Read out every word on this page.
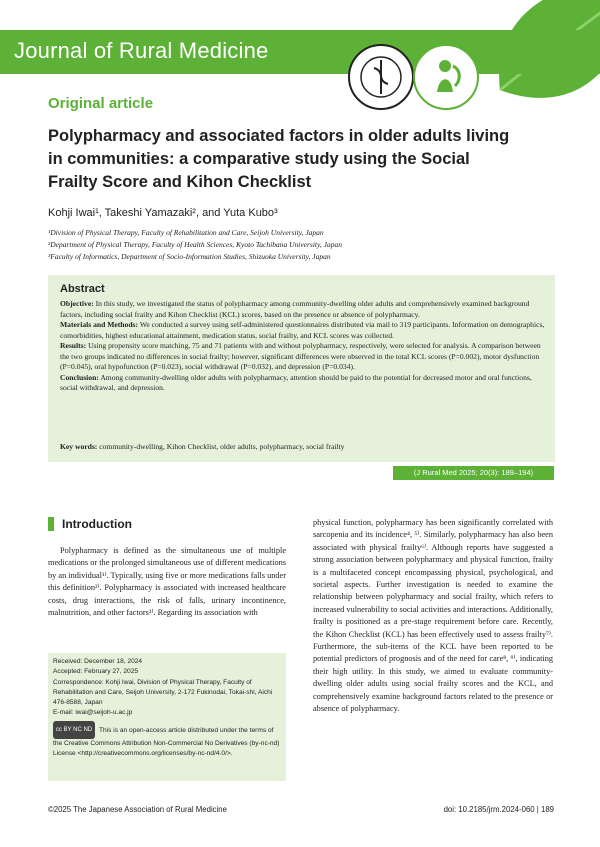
Journal of Rural Medicine
Original article
Polypharmacy and associated factors in older adults living in communities: a comparative study using the Social Frailty Score and Kihon Checklist
Kohji Iwai¹, Takeshi Yamazaki², and Yuta Kubo³
¹Division of Physical Therapy, Faculty of Rehabilitation and Care, Seijoh University, Japan
²Department of Physical Therapy, Faculty of Health Sciences, Kyoto Tachibana University, Japan
³Faculty of Informatics, Department of Socio-Information Studies, Shizuoka University, Japan
Abstract

Objective: In this study, we investigated the status of polypharmacy among community-dwelling older adults and comprehensively examined background factors, including social frailty and Kihon Checklist (KCL) scores, based on the presence or absence of polypharmacy.

Materials and Methods: We conducted a survey using self-administered questionnaires distributed via mail to 319 participants. Information on demographics, comorbidities, highest educational attainment, medication status, social frailty, and KCL scores was collected.

Results: Using propensity score matching, 75 and 71 patients with and without polypharmacy, respectively, were selected for analysis. A comparison between the two groups indicated no differences in social frailty; however, significant differences were observed in the total KCL scores (P=0.002), motor dysfunction (P=0.045), oral hypofunction (P=0.023), social withdrawal (P=0.032), and depression (P=0.034).

Conclusion: Among community-dwelling older adults with polypharmacy, attention should be paid to the potential for decreased motor and oral functions, social withdrawal, and depression.

Key words: community-dwelling, Kihon Checklist, older adults, polypharmacy, social frailty
(J Rural Med 2025; 20(3): 189–194)
Introduction
Polypharmacy is defined as the simultaneous use of multiple medications or the prolonged simultaneous use of different medications by an individual¹⁾. Typically, using five or more medications falls under this definition²⁾. Polypharmacy is associated with increased healthcare costs, drug interactions, the risk of falls, urinary incontinence, malnutrition, and other factors³⁾. Regarding its association with
physical function, polypharmacy has been significantly correlated with sarcopenia and its incidence⁴, ⁵⁾. Similarly, polypharmacy has also been associated with physical frailty⁶⁾. Although reports have suggested a strong association between polypharmacy and physical function, frailty is a multifaceted concept encompassing physical, psychological, and societal aspects. Further investigation is needed to examine the relationship between polypharmacy and social frailty, which refers to increased vulnerability to social activities and interactions. Additionally, frailty is positioned as a pre-stage requirement before care. Recently, the Kihon Checklist (KCL) has been effectively used to assess frailty⁷⁾. Furthermore, the sub-items of the KCL have been reported to be potential predictors of prognosis and of the need for care⁸, ⁹⁾, indicating their high utility. In this study, we aimed to evaluate community-dwelling older adults using social frailty scores and the KCL, and comprehensively examine background factors related to the presence or absence of polypharmacy.
Received: December 18, 2024
Accepted: February 27, 2025
Correspondence: Kohji Iwai, Division of Physical Therapy, Faculty of Rehabilitation and Care, Seijoh University, 2-172 Fukinodai, Tokai-shi, Aichi 476-8588, Japan
E-mail: iwai@seijoh-u.ac.jp
cc BY NC ND This is an open-access article distributed under the terms of the Creative Commons Attribution Non-Commercial No Derivatives (by-nc-nd) License <http://creativecommons.org/licenses/by-nc-nd/4.0/>.
©2025 The Japanese Association of Rural Medicine	doi: 10.2185/jrm.2024-060 | 189
